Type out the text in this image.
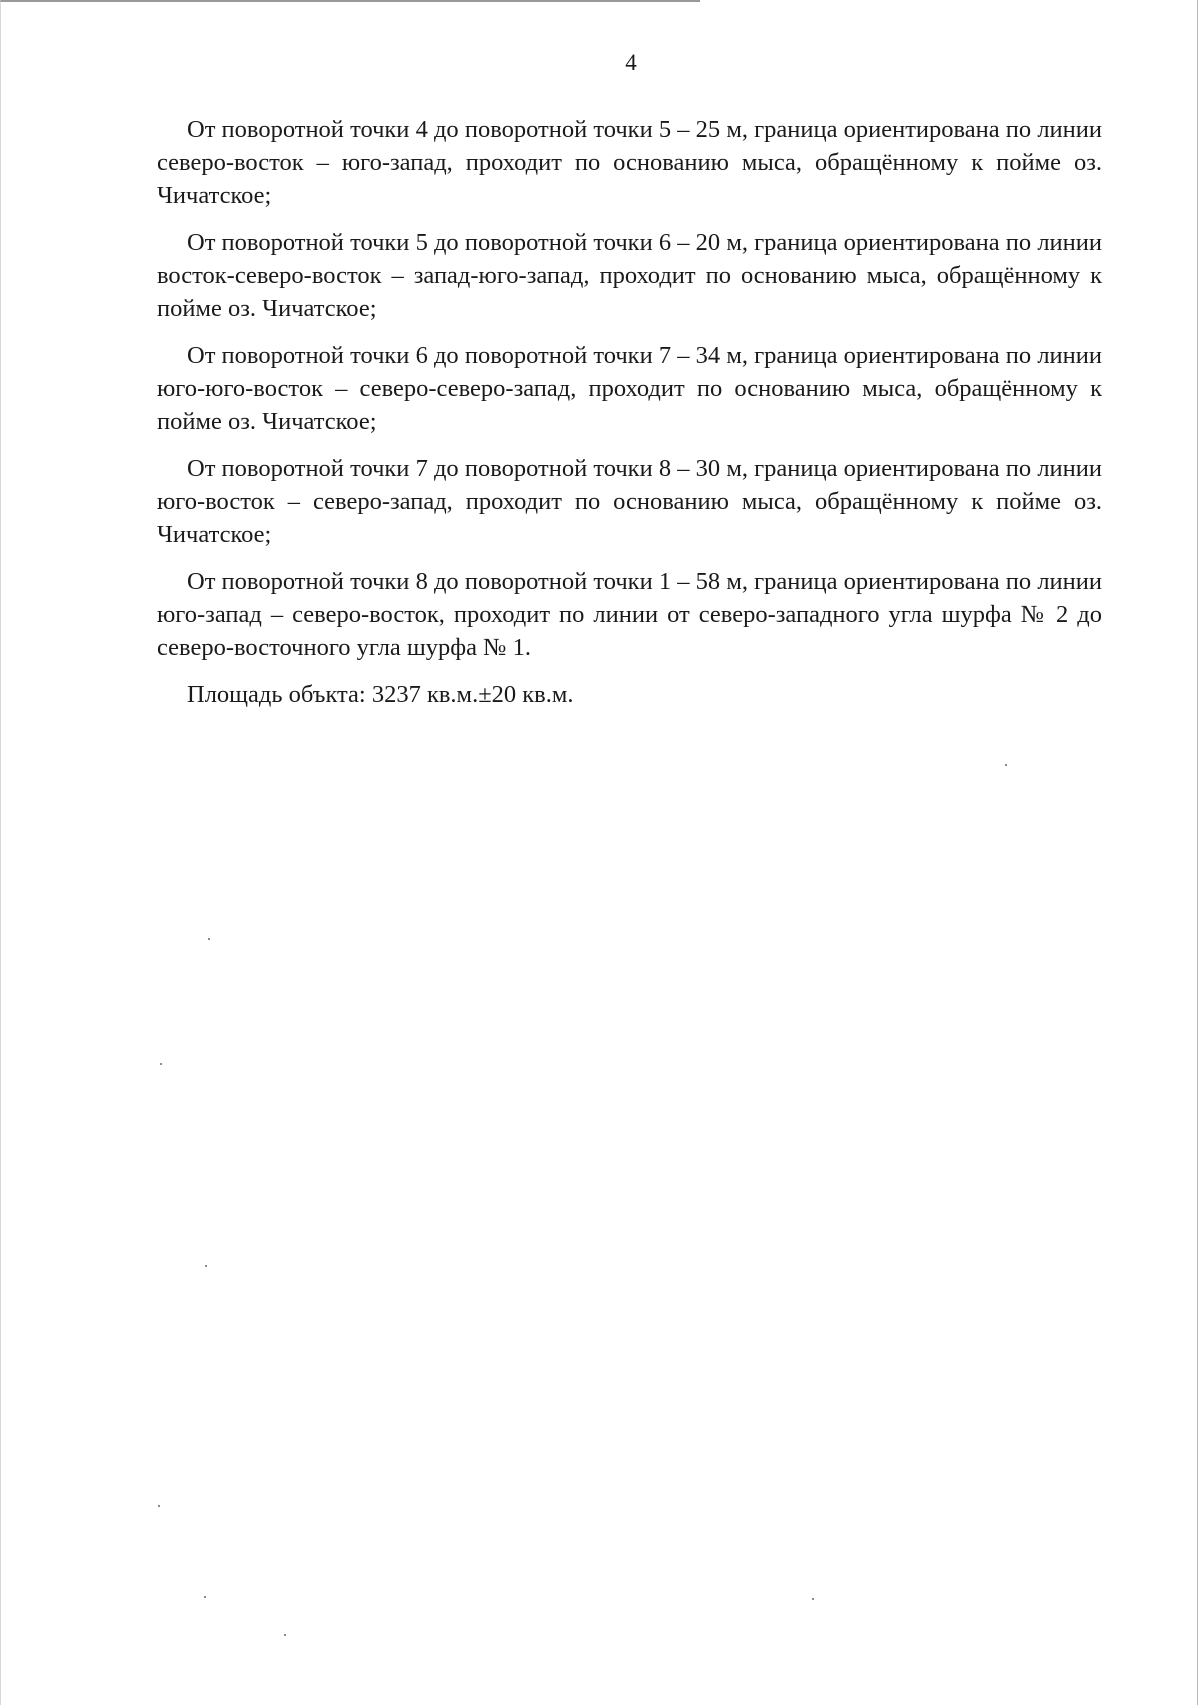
4

От поворотной точки 4 до поворотной точки 5 – 25 м, граница ориентирована по линии северо-восток – юго-запад, проходит по основанию мыса, обращённому к пойме оз. Чичатское;

От поворотной точки 5 до поворотной точки 6 – 20 м, граница ориентирована по линии восток-северо-восток – запад-юго-запад, проходит по основанию мыса, обращённому к пойме оз. Чичатское;

От поворотной точки 6 до поворотной точки 7 – 34 м, граница ориентирована по линии юго-юго-восток – северо-северо-запад, проходит по основанию мыса, обращённому к пойме оз. Чичатское;

От поворотной точки 7 до поворотной точки 8 – 30 м, граница ориентирована по линии юго-восток – северо-запад, проходит по основанию мыса, обращённому к пойме оз. Чичатское;

От поворотной точки 8 до поворотной точки 1 – 58 м, граница ориентирована по линии юго-запад – северо-восток, проходит по линии от северо-западного угла шурфа № 2 до северо-восточного угла шурфа № 1.

Площадь объкта: 3237 кв.м.±20 кв.м.
